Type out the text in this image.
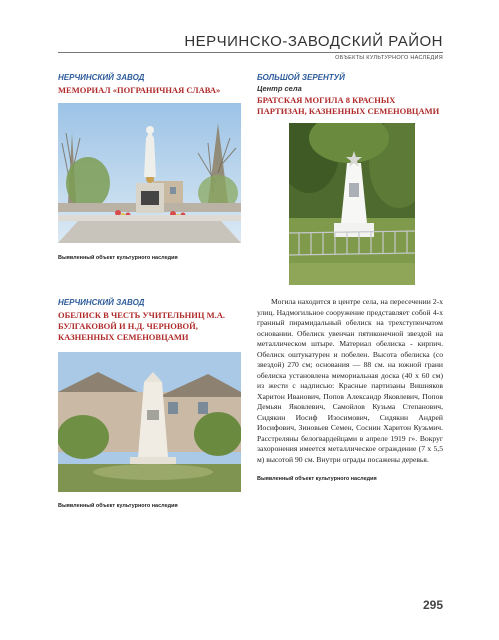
НЕРЧИНСКО-ЗАВОДСКИЙ РАЙОН
ОБЪЕКТЫ КУЛЬТУРНОГО НАСЛЕДИЯ
НЕРЧИНСКИЙ ЗАВОД
МЕМОРИАЛ «ПОГРАНИЧНАЯ СЛАВА»
Выявленный объект культурного наследия
БОЛЬШОЙ ЗЕРЕНТУЙ
Центр села
БРАТСКАЯ МОГИЛА 8 КРАСНЫХ ПАРТИЗАН, КАЗНЕННЫХ СЕМЕНОВЦАМИ
НЕРЧИНСКИЙ ЗАВОД
ОБЕЛИСК В ЧЕСТЬ УЧИТЕЛЬНИЦ М.А. БУЛГАКОВОЙ И Н.Д. ЧЕРНОВОЙ, КАЗНЕННЫХ СЕМЕНОВЦАМИ
Выявленный объект культурного наследия
Могила находится в центре села, на пересечении 2-х улиц. Надмогильное сооружение представляет собой 4-х гранный пирамидальный обелиск на трехступенчатом основании. Обелиск увенчан пятиконечной звездой на металлическом штыре. Материал обелиска - кирпич. Обелиск оштукатурен и побелен. Высота обелиска (со звездой) 270 см; основания — 88 см. на южной грани обелиска установлена мемориальная доска (40 х 60 см) из жести с надписью: Красные партизаны Вишняков Харитон Иванович, Попов Александр Яковлевич, Попов Демьян Яковлевич, Самойлов Кузьма Степанович, Сидякин Иосиф Изосимович, Сидякин Андрей Иосифович, Зиновьев Семен, Соснин Харитон Кузьмич. Расстреляны белогвардейцами в апреле 1919 г». Вокруг захоронения имеется металлическое ограждение (7 х 5,5 м) высотой 90 см. Внутри ограды посажены деревья.
Выявленный объект культурного наследия
295
